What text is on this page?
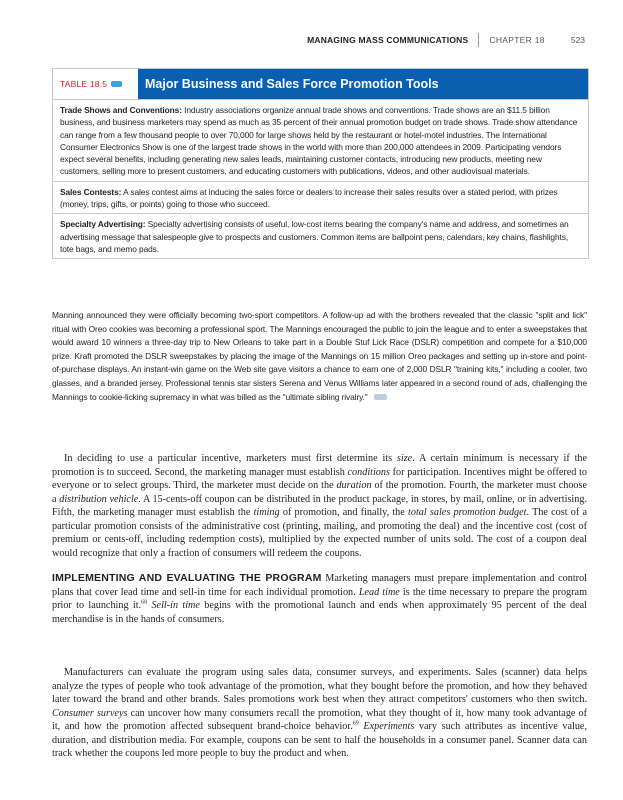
MANAGING MASS COMMUNICATIONS CHAPTER 18	523
TABLE 18.5	Major Business and Sales Force Promotion Tools
Trade Shows and Conventions: Industry associations organize annual trade shows and conventions. Trade shows are an $11.5 billion business, and business marketers may spend as much as 35 percent of their annual promotion budget on trade shows. Trade show attendance can range from a few thousand people to over 70,000 for large shows held by the restaurant or hotel-motel industries. The International Consumer Electronics Show is one of the largest trade shows in the world with more than 200,000 attendees in 2009. Participating vendors expect several benefits, including generating new sales leads, maintaining customer contacts, introducing new products, meeting new customers, selling more to present customers, and educating customers with publications, videos, and other audiovisual materials.
Sales Contests: A sales contest aims at inducing the sales force or dealers to increase their sales results over a stated period, with prizes (money, trips, gifts, or points) going to those who succeed.
Specialty Advertising: Specialty advertising consists of useful, low-cost items bearing the company's name and address, and sometimes an advertising message that salespeople give to prospects and customers. Common items are ballpoint pens, calendars, key chains, flashlights, tote bags, and memo pads.
Manning announced they were officially becoming two-sport competitors. A follow-up ad with the brothers revealed that the classic "split and lick" ritual with Oreo cookies was becoming a professional sport. The Mannings encouraged the public to join the league and to enter a sweepstakes that would award 10 winners a three-day trip to New Orleans to take part in a Double Stuf Lick Race (DSLR) competition and compete for a $10,000 prize. Kraft promoted the DSLR sweepstakes by placing the image of the Mannings on 15 million Oreo packages and setting up in-store and point-of-purchase displays. An instant-win game on the Web site gave visitors a chance to earn one of 2,000 DSLR "training kits," including a cooler, two glasses, and a branded jersey. Professional tennis star sisters Serena and Venus Williams later appeared in a second round of ads, challenging the Mannings to cookie-licking supremacy in what was billed as the "ultimate sibling rivalry."
In deciding to use a particular incentive, marketers must first determine its size. A certain minimum is necessary if the promotion is to succeed. Second, the marketing manager must establish conditions for participation. Incentives might be offered to everyone or to select groups. Third, the marketer must decide on the duration of the promotion. Fourth, the marketer must choose a distribution vehicle. A 15-cents-off coupon can be distributed in the product package, in stores, by mail, online, or in advertising. Fifth, the marketing manager must establish the timing of promotion, and finally, the total sales promotion budget. The cost of a particular promotion consists of the administrative cost (printing, mailing, and promoting the deal) and the incentive cost (cost of premium or cents-off, including redemption costs), multiplied by the expected number of units sold. The cost of a coupon deal would recognize that only a fraction of consumers will redeem the coupons.
IMPLEMENTING AND EVALUATING THE PROGRAM Marketing managers must prepare implementation and control plans that cover lead time and sell-in time for each individual promotion. Lead time is the time necessary to prepare the program prior to launching it.$^{68}$ Sell-in time begins with the promotional launch and ends when approximately 95 percent of the deal merchandise is in the hands of consumers.
Manufacturers can evaluate the program using sales data, consumer surveys, and experiments. Sales (scanner) data helps analyze the types of people who took advantage of the promotion, what they bought before the promotion, and how they behaved later toward the brand and other brands. Sales promotions work best when they attract competitors' customers who then switch. Consumer surveys can uncover how many consumers recall the promotion, what they thought of it, how many took advantage of it, and how the promotion affected subsequent brand-choice behavior.$^{69}$ Experiments vary such attributes as incentive value, duration, and distribution media. For example, coupons can be sent to half the households in a consumer panel. Scanner data can track whether the coupons led more people to buy the product and when.
